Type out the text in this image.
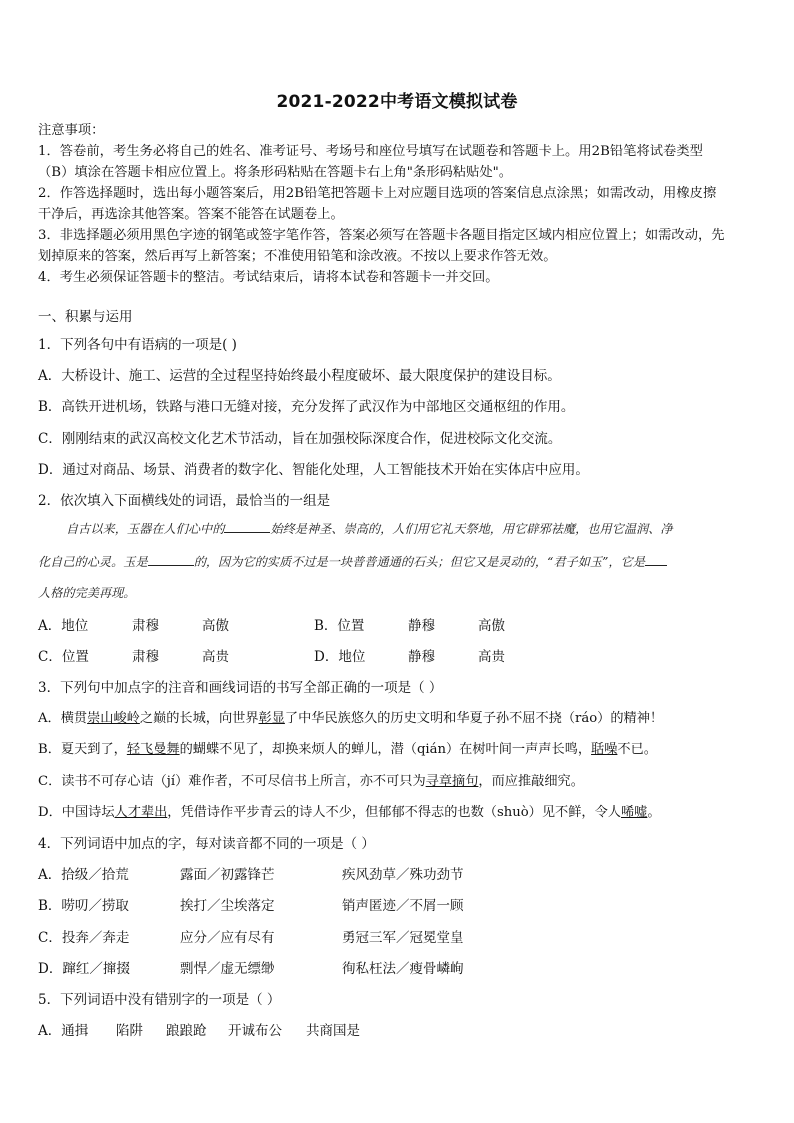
2021-2022中考语文模拟试卷
注意事项：
1．答卷前，考生务必将自己的姓名、准考证号、考场号和座位号填写在试题卷和答题卡上。用2B铅笔将试卷类型
（B）填涂在答题卡相应位置上。将条形码粘贴在答题卡右上角"条形码粘贴处"。
2．作答选择题时，选出每小题答案后，用2B铅笔把答题卡上对应题目选项的答案信息点涂黑；如需改动，用橡皮擦
干净后，再选涂其他答案。答案不能答在试题卷上。
3．非选择题必须用黑色字迹的钢笔或签字笔作答，答案必须写在答题卡各题目指定区域内相应位置上；如需改动，先
划掉原来的答案，然后再写上新答案；不准使用铅笔和涂改液。不按以上要求作答无效。
4．考生必须保证答题卡的整洁。考试结束后，请将本试卷和答题卡一并交回。
一、积累与运用
1．下列各句中有语病的一项是( )
A．大桥设计、施工、运营的全过程坚持始终最小程度破坏、最大限度保护的建设目标。
B．高铁开进机场，铁路与港口无缝对接，充分发挥了武汉作为中部地区交通枢纽的作用。
C．刚刚结束的武汉高校文化艺术节活动，旨在加强校际深度合作，促进校际文化交流。
D．通过对商品、场景、消费者的数字化、智能化处理，人工智能技术开始在实体店中应用。
2．依次填入下面横线处的词语，最恰当的一组是
自古以来，玉器在人们心中的	始终是神圣、崇高的，人们用它礼天祭地，用它辟邪祛魔，也用它温润、净
化自己的心灵。玉是	的，因为它的实质不过是一块普普通通的石头；但它又是灵动的，“君子如玉”，它是
人格的完美再现。
A．地位	肃穆	高傲	B．位置	静穆	高傲
C．位置	肃穆	高贵	D．地位	静穆	高贵
3．下列句中加点字的注音和画线词语的书写全部正确的一项是（ ）
A．横贯崇山峻岭之巅的长城，向世界彰显了中华民族悠久的历史文明和华夏子孙不屈不挠（ráo）的精神！
B．夏天到了，轻飞曼舞的蝴蝶不见了，却换来烦人的蝉儿，潜（qián）在树叶间一声声长鸣，聒噪不已。
C．读书不可存心诘（jí）难作者，不可尽信书上所言，亦不可只为寻章摘句，而应推敲细究。
D．中国诗坛人才辈出，凭借诗作平步青云的诗人不少，但郁郁不得志的也数（shuò）见不鲜，令人唏嘘。
4．下列词语中加点的字，每对读音都不同的一项是（ ）
A．拾级／拾荒	露面／初露锋芒	疾风劲草／殊功劲节
B．唠叨／捞取	挨打／尘埃落定	销声匿迹／不屑一顾
C．投奔／奔走	应分／应有尽有	勇冠三军／冠冕堂皇
D．蹿红／撺掇	剽悍／虚无缥缈	徇私枉法／瘦骨嶙峋
5．下列词语中没有错别字的一项是（ ）
A．通揖 陷阱 踉踉跄 开诚布公 共商国是
